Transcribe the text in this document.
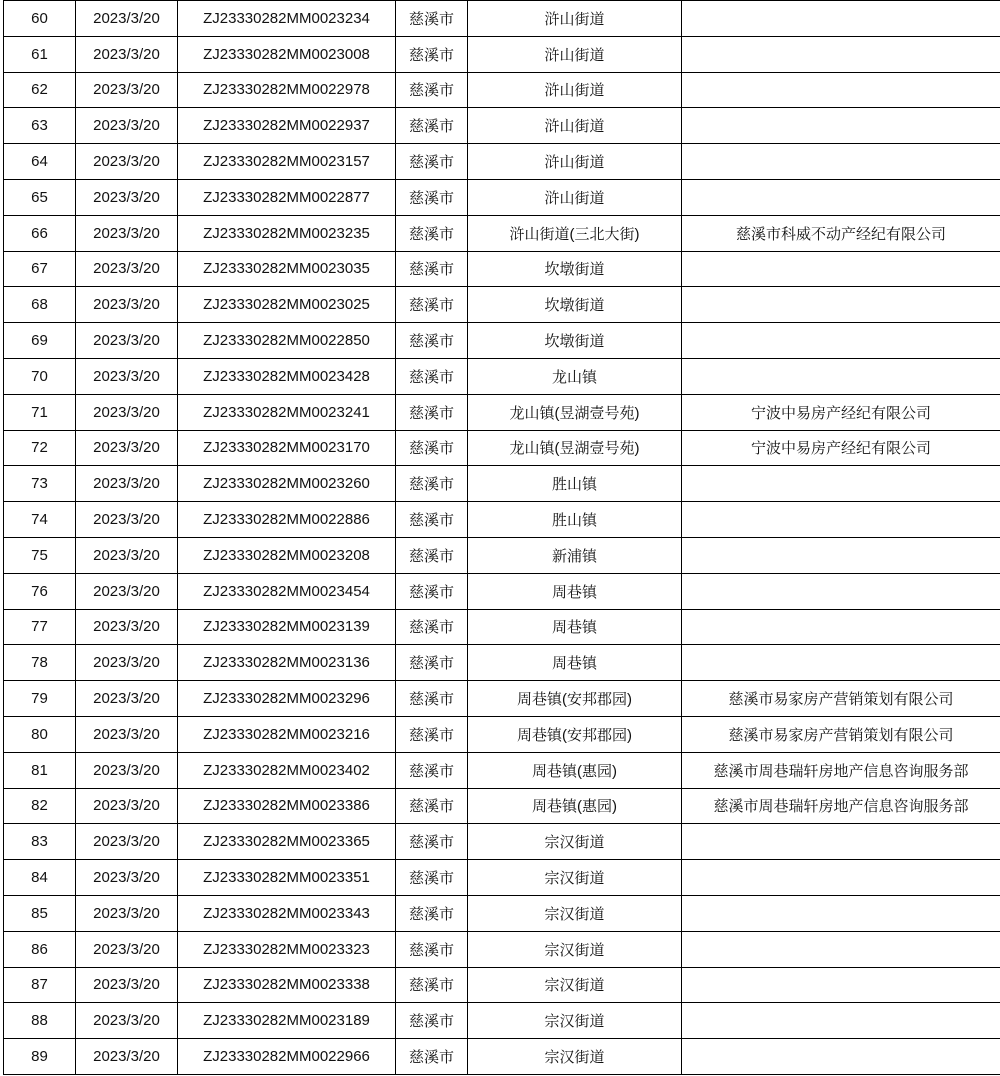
60	2023/3/20	ZJ23330282MM0023234	慈溪市	浒山街道	
61	2023/3/20	ZJ23330282MM0023008	慈溪市	浒山街道	
62	2023/3/20	ZJ23330282MM0022978	慈溪市	浒山街道	
63	2023/3/20	ZJ23330282MM0022937	慈溪市	浒山街道	
64	2023/3/20	ZJ23330282MM0023157	慈溪市	浒山街道	
65	2023/3/20	ZJ23330282MM0022877	慈溪市	浒山街道	
66	2023/3/20	ZJ23330282MM0023235	慈溪市	浒山街道(三北大街)	慈溪市科威不动产经纪有限公司
67	2023/3/20	ZJ23330282MM0023035	慈溪市	坎墩街道	
68	2023/3/20	ZJ23330282MM0023025	慈溪市	坎墩街道	
69	2023/3/20	ZJ23330282MM0022850	慈溪市	坎墩街道	
70	2023/3/20	ZJ23330282MM0023428	慈溪市	龙山镇	
71	2023/3/20	ZJ23330282MM0023241	慈溪市	龙山镇(昱湖壹号苑)	宁波中易房产经纪有限公司
72	2023/3/20	ZJ23330282MM0023170	慈溪市	龙山镇(昱湖壹号苑)	宁波中易房产经纪有限公司
73	2023/3/20	ZJ23330282MM0023260	慈溪市	胜山镇	
74	2023/3/20	ZJ23330282MM0022886	慈溪市	胜山镇	
75	2023/3/20	ZJ23330282MM0023208	慈溪市	新浦镇	
76	2023/3/20	ZJ23330282MM0023454	慈溪市	周巷镇	
77	2023/3/20	ZJ23330282MM0023139	慈溪市	周巷镇	
78	2023/3/20	ZJ23330282MM0023136	慈溪市	周巷镇	
79	2023/3/20	ZJ23330282MM0023296	慈溪市	周巷镇(安邦郡园)	慈溪市易家房产营销策划有限公司
80	2023/3/20	ZJ23330282MM0023216	慈溪市	周巷镇(安邦郡园)	慈溪市易家房产营销策划有限公司
81	2023/3/20	ZJ23330282MM0023402	慈溪市	周巷镇(惠园)	慈溪市周巷瑞轩房地产信息咨询服务部
82	2023/3/20	ZJ23330282MM0023386	慈溪市	周巷镇(惠园)	慈溪市周巷瑞轩房地产信息咨询服务部
83	2023/3/20	ZJ23330282MM0023365	慈溪市	宗汉街道	
84	2023/3/20	ZJ23330282MM0023351	慈溪市	宗汉街道	
85	2023/3/20	ZJ23330282MM0023343	慈溪市	宗汉街道	
86	2023/3/20	ZJ23330282MM0023323	慈溪市	宗汉街道	
87	2023/3/20	ZJ23330282MM0023338	慈溪市	宗汉街道	
88	2023/3/20	ZJ23330282MM0023189	慈溪市	宗汉街道	
89	2023/3/20	ZJ23330282MM0022966	慈溪市	宗汉街道	
